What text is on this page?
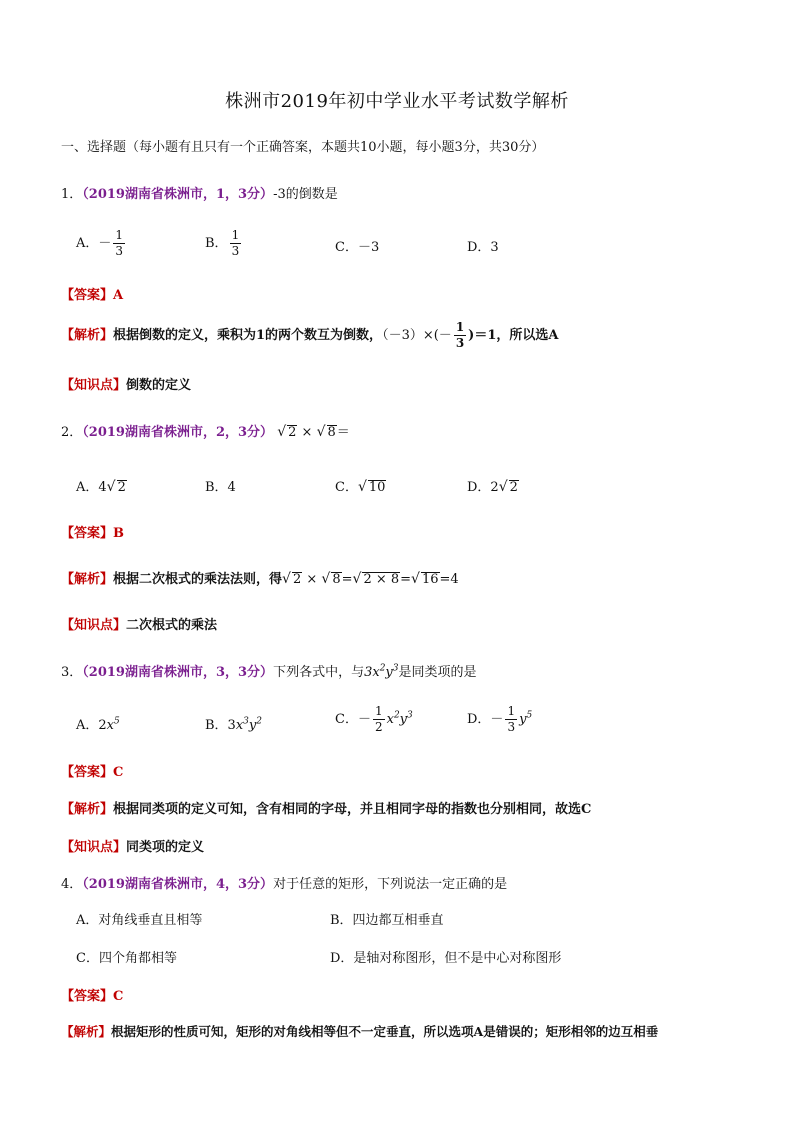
株洲市2019年初中学业水平考试数学解析
一、选择题（每小题有且只有一个正确答案，本题共10小题，每小题3分，共30分）
1．（2019湖南省株洲市，1，3分）-3的倒数是
A．－ $\frac{1}{3}$	B． $\frac{1}{3}$	C．－3	D．3
【答案】A
【解析】根据倒数的定义，乘积为1的两个数互为倒数，$(-3)\times(- \frac{1}{3} )=1$，所以选A
【知识点】倒数的定义
2．（2019湖南省株洲市，2，3分） √ 2 × √ 8＝
A．4√ 2	B．4	C．√ 10	D．2√ 2
【答案】B
【解析】根据二次根式的乘法法则，得√ 2 × √ 8=√ 2 × 8=√ 16=4
【知识点】二次根式的乘法
3．（2019湖南省株洲市，3，3分）下列各式中，与$3x^2y^3$是同类项的是
A．$2x^5$	B．$3x^3y^2$	C．－ $\frac{1}{2} x^2y^3$	D．－ $\frac{1}{3} y^5$
【答案】C
【解析】根据同类项的定义可知，含有相同的字母，并且相同字母的指数也分别相同，故选C
【知识点】同类项的定义
4．（2019湖南省株洲市，4，3分）对于任意的矩形，下列说法一定正确的是
A．对角线垂直且相等	B．四边都互相垂直
C．四个角都相等	D．是轴对称图形，但不是中心对称图形
【答案】C
【解析】根据矩形的性质可知，矩形的对角线相等但不一定垂直，所以选项A是错误的；矩形相邻的边互相垂
